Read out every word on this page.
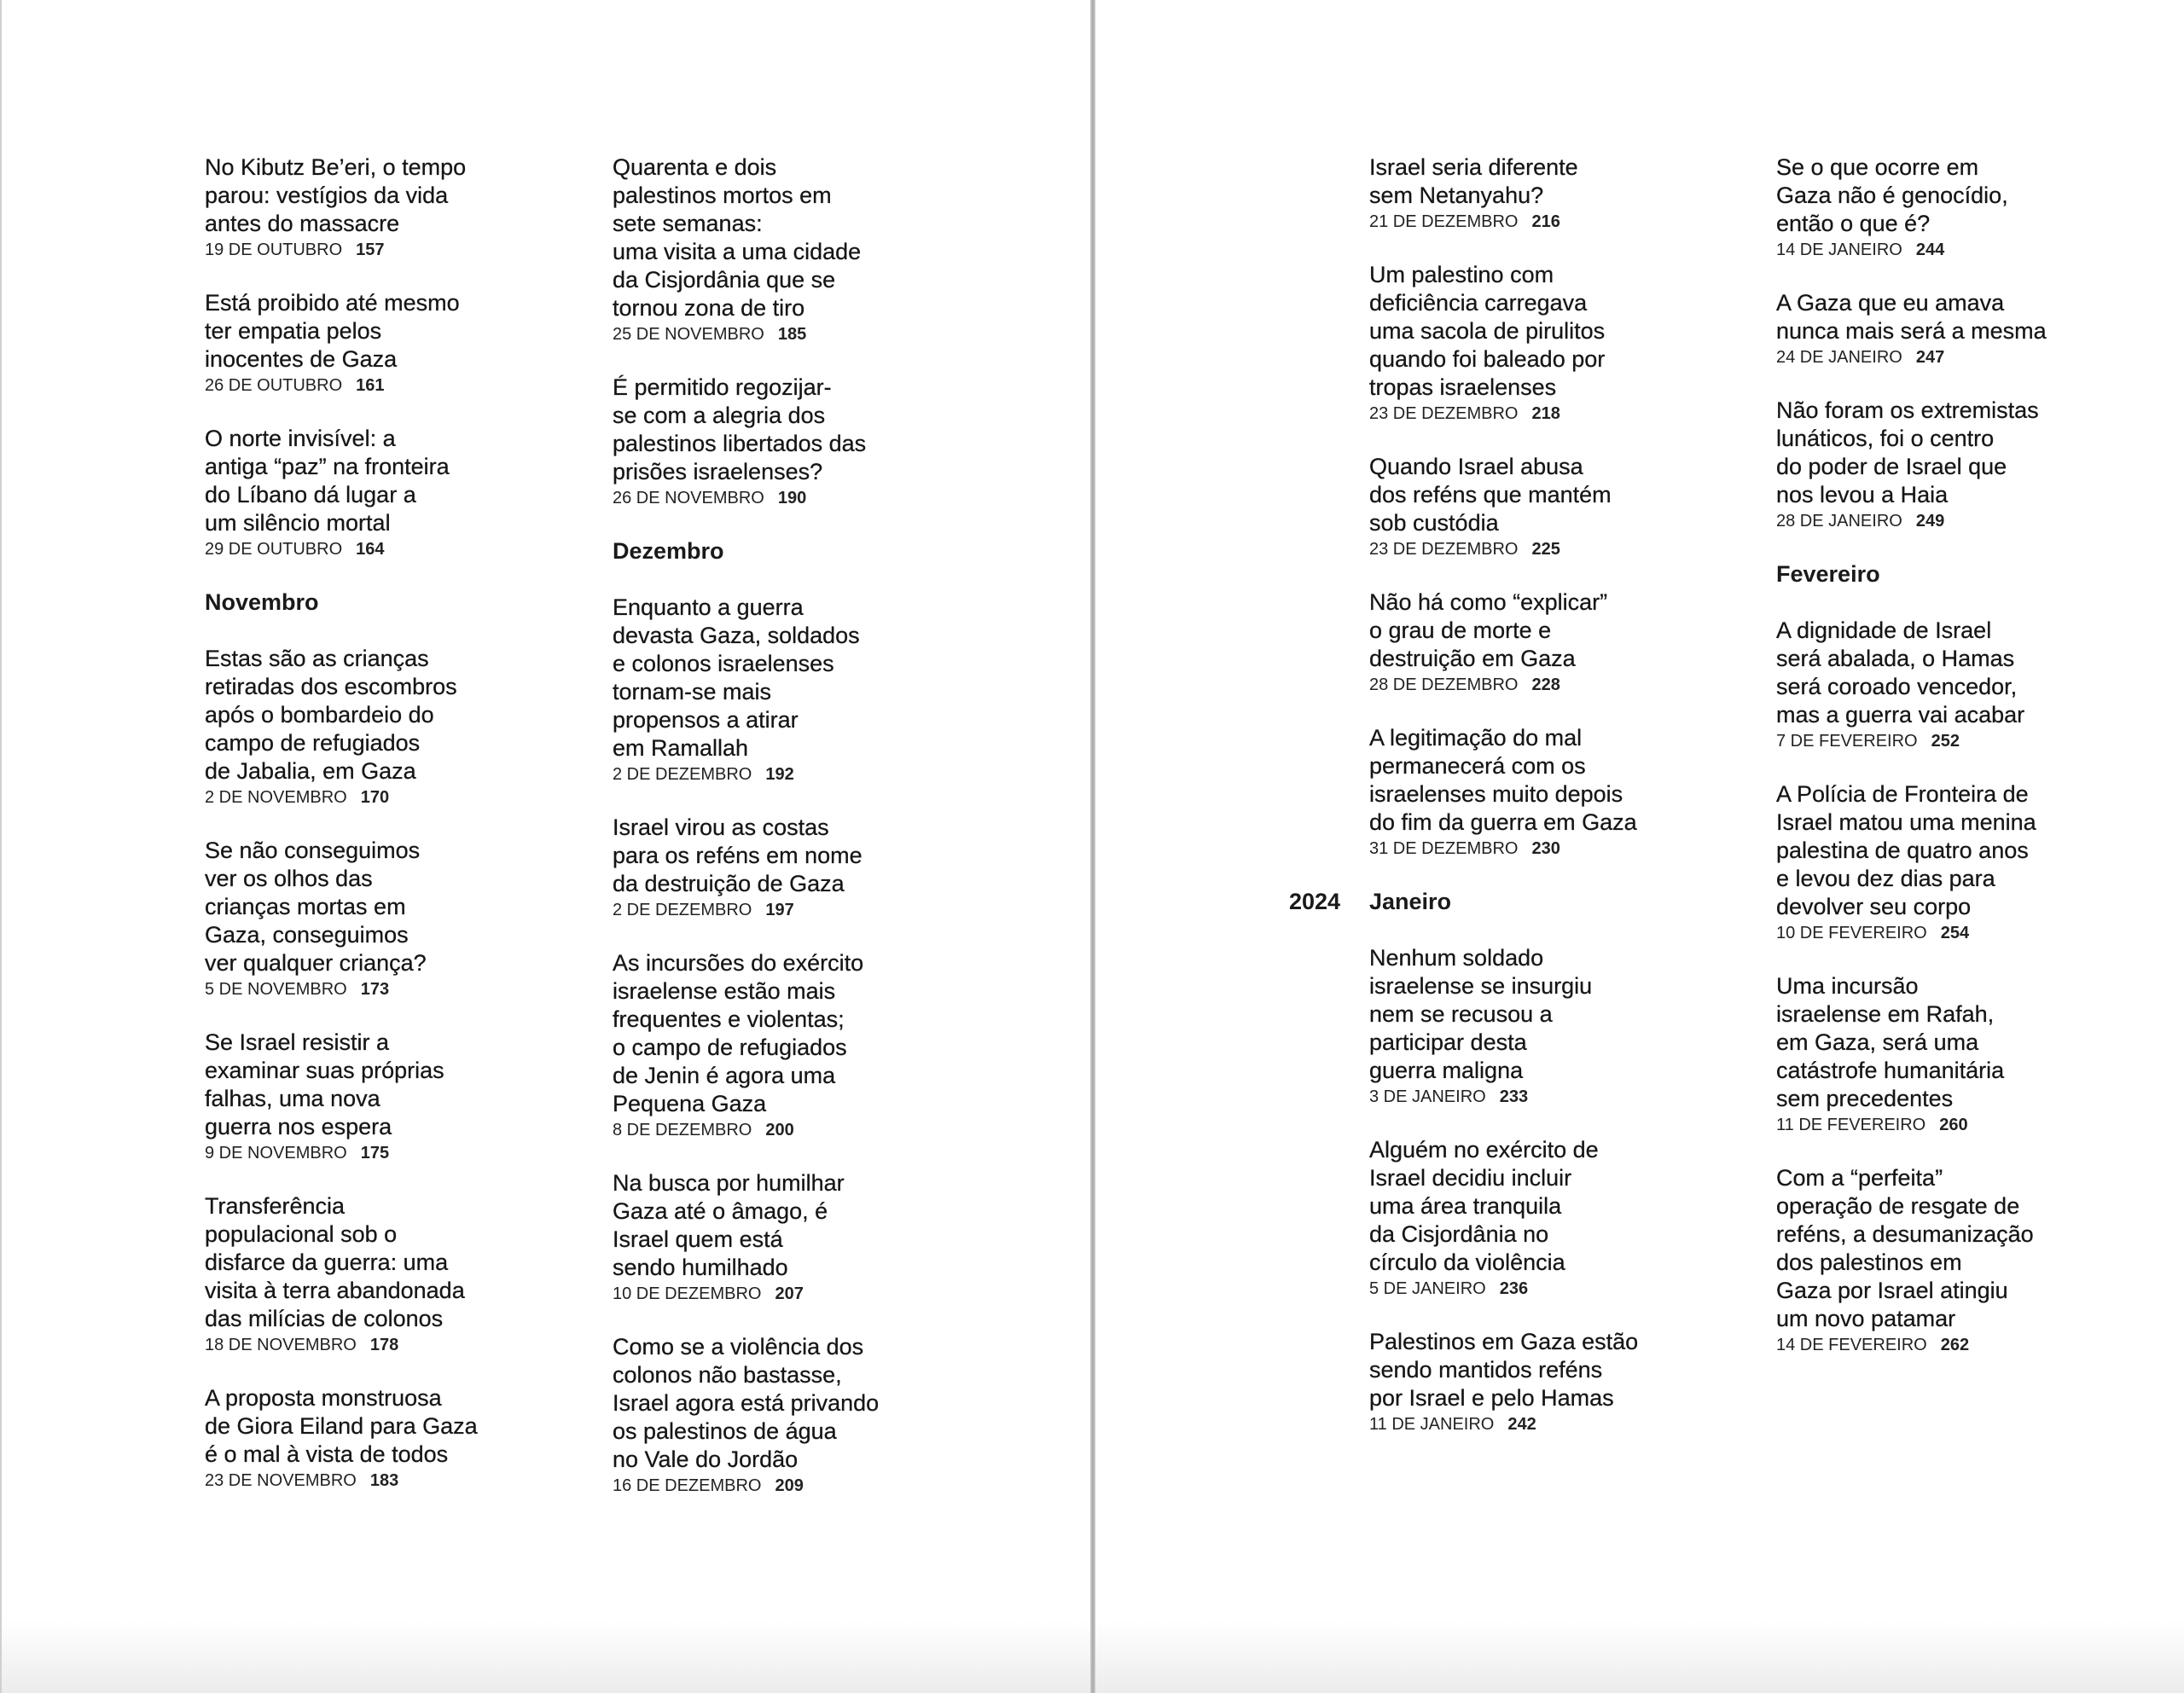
No Kibutz Be’eri, o tempo
parou: vestígios da vida
antes do massacre
19 DE OUTUBRO 157
Está proibido até mesmo
ter empatia pelos
inocentes de Gaza
26 DE OUTUBRO 161
O norte invisível: a
antiga “paz” na fronteira
do Líbano dá lugar a
um silêncio mortal
29 DE OUTUBRO 164
Novembro
Estas são as crianças
retiradas dos escombros
após o bombardeio do
campo de refugiados
de Jabalia, em Gaza
2 DE NOVEMBRO 170
Se não conseguimos
ver os olhos das
crianças mortas em
Gaza, conseguimos
ver qualquer criança?
5 DE NOVEMBRO 173
Se Israel resistir a
examinar suas próprias
falhas, uma nova
guerra nos espera
9 DE NOVEMBRO 175
Transferência
populacional sob o
disfarce da guerra: uma
visita à terra abandonada
das milícias de colonos
18 DE NOVEMBRO 178
A proposta monstruosa
de Giora Eiland para Gaza
é o mal à vista de todos
23 DE NOVEMBRO 183
Quarenta e dois
palestinos mortos em
sete semanas:
uma visita a uma cidade
da Cisjordânia que se
tornou zona de tiro
25 DE NOVEMBRO 185
É permitido regozijar-
se com a alegria dos
palestinos libertados das
prisões israelenses?
26 DE NOVEMBRO 190
Dezembro
Enquanto a guerra
devasta Gaza, soldados
e colonos israelenses
tornam-se mais
propensos a atirar
em Ramallah
2 DE DEZEMBRO 192
Israel virou as costas
para os reféns em nome
da destruição de Gaza
2 DE DEZEMBRO 197
As incursões do exército
israelense estão mais
frequentes e violentas;
o campo de refugiados
de Jenin é agora uma
Pequena Gaza
8 DE DEZEMBRO 200
Na busca por humilhar
Gaza até o âmago, é
Israel quem está
sendo humilhado
10 DE DEZEMBRO 207
Como se a violência dos
colonos não bastasse,
Israel agora está privando
os palestinos de água
no Vale do Jordão
16 DE DEZEMBRO 209
Israel seria diferente
sem Netanyahu?
21 DE DEZEMBRO 216
Um palestino com
deficiência carregava
uma sacola de pirulitos
quando foi baleado por
tropas israelenses
23 DE DEZEMBRO 218
Quando Israel abusa
dos reféns que mantém
sob custódia
23 DE DEZEMBRO 225
Não há como “explicar”
o grau de morte e
destruição em Gaza
28 DE DEZEMBRO 228
A legitimação do mal
permanecerá com os
israelenses muito depois
do fim da guerra em Gaza
31 DE DEZEMBRO 230
2024 Janeiro
Nenhum soldado
israelense se insurgiu
nem se recusou a
participar desta
guerra maligna
3 DE JANEIRO 233
Alguém no exército de
Israel decidiu incluir
uma área tranquila
da Cisjordânia no
círculo da violência
5 DE JANEIRO 236
Palestinos em Gaza estão
sendo mantidos reféns
por Israel e pelo Hamas
11 DE JANEIRO 242
Se o que ocorre em
Gaza não é genocídio,
então o que é?
14 DE JANEIRO 244
A Gaza que eu amava
nunca mais será a mesma
24 DE JANEIRO 247
Não foram os extremistas
lunáticos, foi o centro
do poder de Israel que
nos levou a Haia
28 DE JANEIRO 249
Fevereiro
A dignidade de Israel
será abalada, o Hamas
será coroado vencedor,
mas a guerra vai acabar
7 DE FEVEREIRO 252
A Polícia de Fronteira de
Israel matou uma menina
palestina de quatro anos
e levou dez dias para
devolver seu corpo
10 DE FEVEREIRO 254
Uma incursão
israelense em Rafah,
em Gaza, será uma
catástrofe humanitária
sem precedentes
11 DE FEVEREIRO 260
Com a “perfeita”
operação de resgate de
reféns, a desumanização
dos palestinos em
Gaza por Israel atingiu
um novo patamar
14 DE FEVEREIRO 262
